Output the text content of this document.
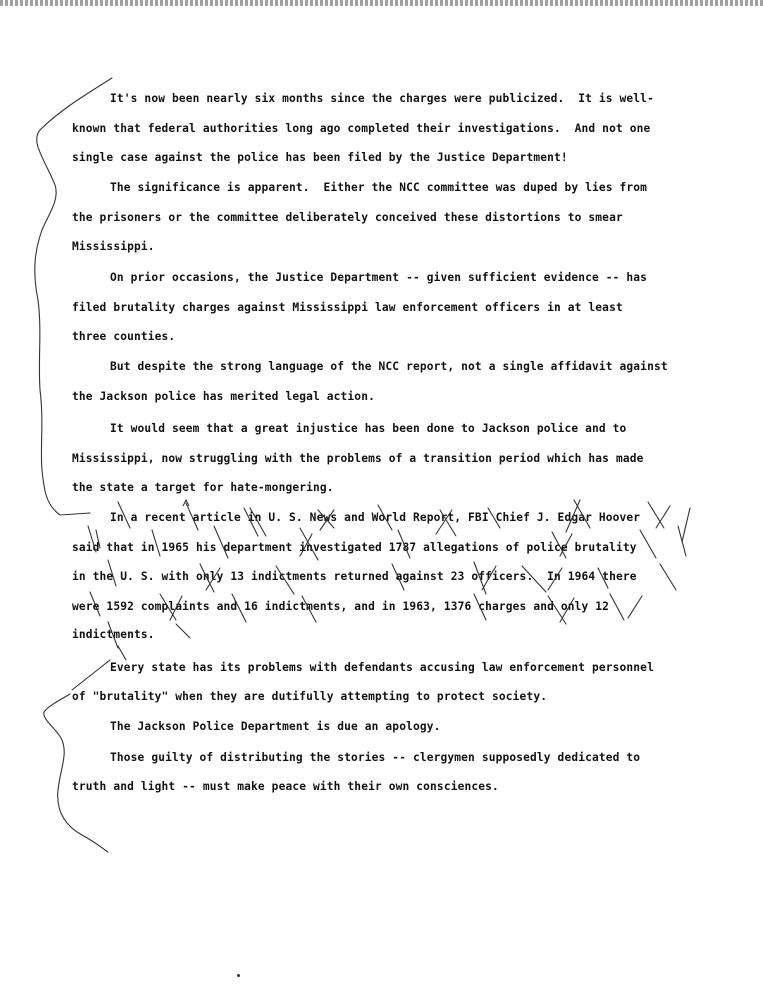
It's now been nearly six months since the charges were publicized.  It is well-
known that federal authorities long ago completed their investigations.  And not one
single case against the police has been filed by the Justice Department!
The significance is apparent.  Either the NCC committee was duped by lies from
the prisoners or the committee deliberately conceived these distortions to smear
Mississippi.
On prior occasions, the Justice Department -- given sufficient evidence -- has
filed brutality charges against Mississippi law enforcement officers in at least
three counties.
But despite the strong language of the NCC report, not a single affidavit against
the Jackson police has merited legal action.
It would seem that a great injustice has been done to Jackson police and to
Mississippi, now struggling with the problems of a transition period which has made
the state a target for hate-mongering.
In a recent article in U. S. News and World Report, FBI Chief J. Edgar Hoover
said that in 1965 his department investigated 1787 allegations of police brutality
in the U. S. with only 13 indictments returned against 23 officers.  In 1964 there
were 1592 complaints and 16 indictments, and in 1963, 1376 charges and only 12
indictments.
Every state has its problems with defendants accusing law enforcement personnel
of "brutality" when they are dutifully attempting to protect society.
The Jackson Police Department is due an apology.
Those guilty of distributing the stories -- clergymen supposedly dedicated to
truth and light -- must make peace with their own consciences.
